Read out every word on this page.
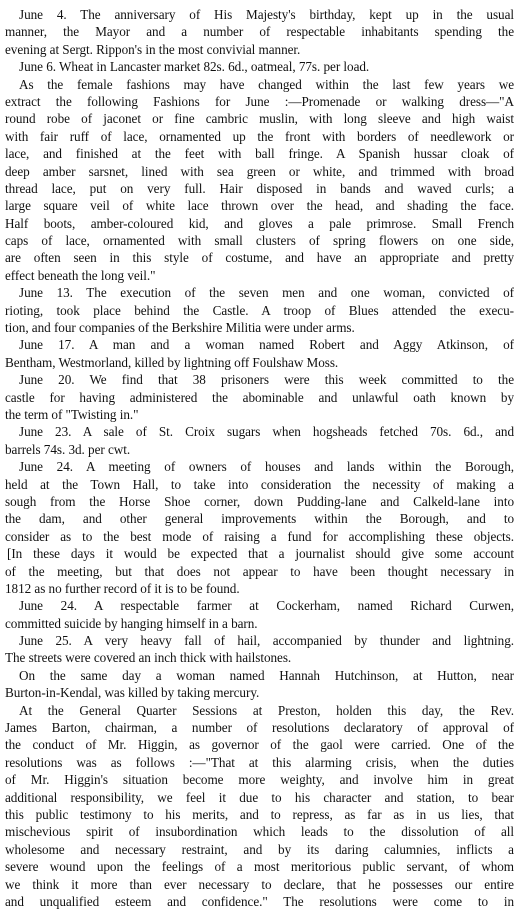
June 4. The anniversary of His Majesty's birthday, kept up in the usual
manner, the Mayor and a number of respectable inhabitants spending the
evening at Sergt. Rippon's in the most convivial manner.
June 6. Wheat in Lancaster market 82s. 6d., oatmeal, 77s. per load.
As the female fashions may have changed within the last few years we
extract the following Fashions for June :—Promenade or walking dress—"A
round robe of jaconet or fine cambric muslin, with long sleeve and high waist
with fair ruff of lace, ornamented up the front with borders of needlework or
lace, and finished at the feet with ball fringe. A Spanish hussar cloak of
deep amber sarsnet, lined with sea green or white, and trimmed with broad
thread lace, put on very full. Hair disposed in bands and waved curls; a
large square veil of white lace thrown over the head, and shading the face.
Half boots, amber-coloured kid, and gloves a pale primrose. Small French
caps of lace, ornamented with small clusters of spring flowers on one side,
are often seen in this style of costume, and have an appropriate and pretty
effect beneath the long veil."
June 13. The execution of the seven men and one woman, convicted of
rioting, took place behind the Castle. A troop of Blues attended the execu-
tion, and four companies of the Berkshire Militia were under arms.
June 17. A man and a woman named Robert and Aggy Atkinson, of
Bentham, Westmorland, killed by lightning off Foulshaw Moss.
June 20. We find that 38 prisoners were this week committed to the
castle for having administered the abominable and unlawful oath known by
the term of "Twisting in."
June 23. A sale of St. Croix sugars when hogsheads fetched 70s. 6d., and
barrels 74s. 3d. per cwt.
June 24. A meeting of owners of houses and lands within the Borough,
held at the Town Hall, to take into consideration the necessity of making a
sough from the Horse Shoe corner, down Pudding-lane and Calkeld-lane into
the dam, and other general improvements within the Borough, and to
consider as to the best mode of raising a fund for accomplishing these objects.
[In these days it would be expected that a journalist should give some account
of the meeting, but that does not appear to have been thought necessary in
1812 as no further record of it is to be found.
June 24. A respectable farmer at Cockerham, named Richard Curwen,
committed suicide by hanging himself in a barn.
June 25. A very heavy fall of hail, accompanied by thunder and lightning.
The streets were covered an inch thick with hailstones.
On the same day a woman named Hannah Hutchinson, at Hutton, near
Burton-in-Kendal, was killed by taking mercury.
At the General Quarter Sessions at Preston, holden this day, the Rev.
James Barton, chairman, a number of resolutions declaratory of approval of
the conduct of Mr. Higgin, as governor of the gaol were carried. One of the
resolutions was as follows :—"That at this alarming crisis, when the duties
of Mr. Higgin's situation become more weighty, and involve him in great
additional responsibility, we feel it due to his character and station, to bear
this public testimony to his merits, and to repress, as far as in us lies, that
mischevious spirit of insubordination which leads to the dissolution of all
wholesome and necessary restraint, and by its daring calumnies, inflicts a
severe wound upon the feelings of a most meritorious public servant, of whom
we think it more than ever necessary to declare, that he possesses our entire
and unqualified esteem and confidence." The resolutions were come to in
